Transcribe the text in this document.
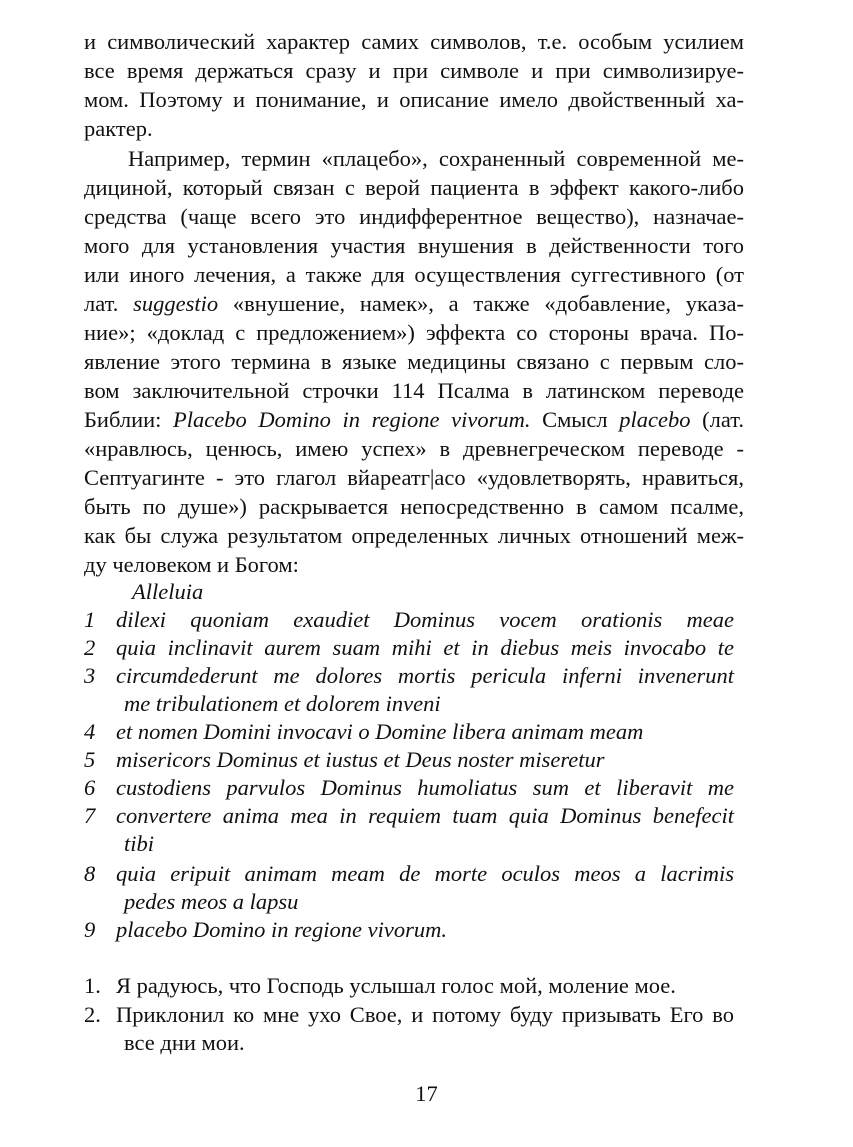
и символический характер самих символов, т.е. особым усилием
все время держаться сразу и при символе и при символизируе-
мом. Поэтому и понимание, и описание имело двойственный ха-
рактер.
Например, термин «плацебо», сохраненный современной ме-
дициной, который связан с верой пациента в эффект какого-либо
средства (чаще всего это индифферентное вещество), назначае-
мого для установления участия внушения в действенности того
или иного лечения, а также для осуществления суггестивного (от
лат. suggestio «внушение, намек», а также «добавление, указа-
ние»; «доклад с предложением») эффекта со стороны врача. По-
явление этого термина в языке медицины связано с первым сло-
вом заключительной строчки 114 Псалма в латинском переводе
Библии: Placebo Domino in regione vivorum. Смысл placebo (лат.
«нравлюсь, ценюсь, имею успех» в древнегреческом переводе -
Септуагинте - это глагол вйареатг|асо «удовлетворять, нравиться,
быть по душе») раскрывается непосредственно в самом псалме,
как бы служа результатом определенных личных отношений меж-
ду человеком и Богом:
Alleluia
1 dilexi quoniam exaudiet Dominus vocem orationis meae
2 quia inclinavit aurem suam mihi et in diebus meis invocabo te
3 circumdederunt me dolores mortis pericula inferni invenerunt
me tribulationem et dolorem inveni
4 et nomen Domini invocavi o Domine libera animam meam
5 misericors Dominus et iustus et Deus noster miseretur
6 custodiens parvulos Dominus humoliatus sum et liberavit me
7 convertere anima mea in requiem tuam quia Dominus benefecit
tibi
8 quia eripuit animam meam de morte oculos meos a lacrimis
pedes meos a lapsu
9 placebo Domino in regione vivorum.
1. Я радуюсь, что Господь услышал голос мой, моление мое.
2. Приклонил ко мне ухо Свое, и потому буду призывать Его во
все дни мои.
17
